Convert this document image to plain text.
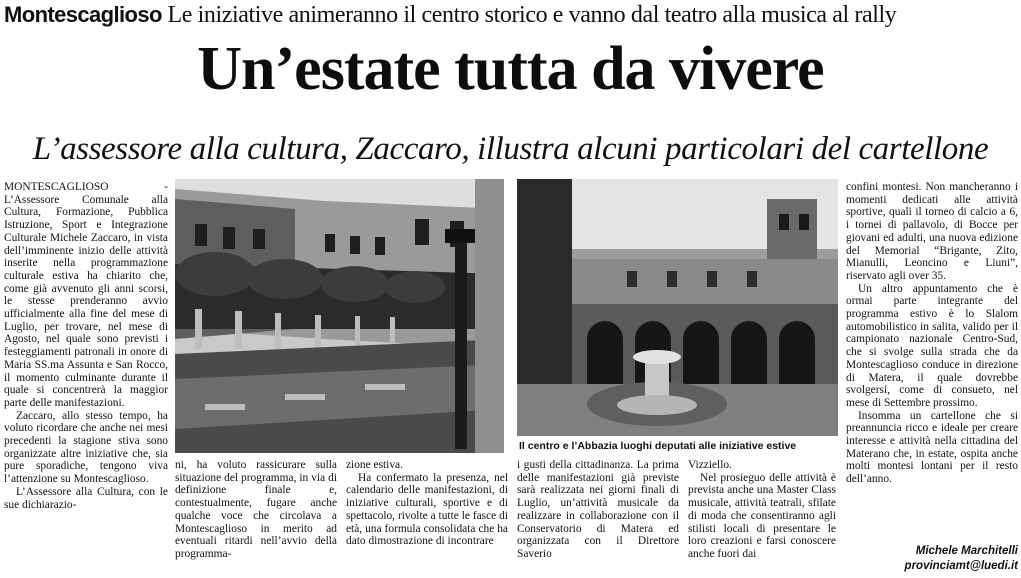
Montescaglioso Le iniziative animeranno il centro storico e vanno dal teatro alla musica al rally
Un’estate tutta da vivere
L’assessore alla cultura, Zaccaro, illustra alcuni particolari del cartellone

MONTESCAGLIOSO - L’Assessore Comunale alla Cultura, Formazione, Pubblica Istruzione, Sport e Integrazione Culturale Michele Zaccaro, in vista dell’imminente inizio delle attività inserite nella programmazione culturale estiva ha chiarito che, come già avvenuto gli anni scorsi, le stesse prenderanno avvio ufficialmente alla fine del mese di Luglio, per trovare, nel mese di Agosto, nel quale sono previsti i festeggiamenti patronali in onore di Maria SS.ma Assunta e San Rocco, il momento culminante durante il quale si concentrerà la maggior parte delle manifestazioni.

Zaccaro, allo stesso tempo, ha voluto ricordare che anche nei mesi precedenti la stagione stiva sono organizzate altre iniziative che, sia pure sporadiche, tengono viva l’attenzione su Montescaglioso.

L’Assessore alla Cultura, con le sue dichiarazio-

Il centro e l’Abbazia luoghi deputati alle iniziative estive

ni, ha voluto rassicurare sulla situazione del programma, in via di definizione finale e, contestualmente, fugare anche qualche voce che circolava a Montescaglioso in merito ad eventuali ritardi nell’avvio della programma-

zione estiva.

Ha confermato la presenza, nel calendario delle manifestazioni, di iniziative culturali, sportive e di spettacolo, rivolte a tutte le fasce di età, una formula consolidata che ha dato dimostrazione di incontrare

i gusti della cittadinanza. La prima delle manifestazioni già previste sarà realizzata nei giorni finali di Luglio, un’attività musicale da realizzare in collaborazione con il Conservatorio di Matera ed organizzata con il Direttore Saverio

Vizziello.

Nel prosieguo delle attività è prevista anche una Master Class musicale, attività teatrali, sfilate di moda che consentiranno agli stilisti locali di presentare le loro creazioni e farsi conoscere anche fuori dai

confini montesi. Non mancheranno i momenti dedicati alle attività sportive, quali il torneo di calcio a 6, i tornei di pallavolo, di Bocce per giovani ed adulti, una nuova edizione del Memorial “Brigante, Zito, Mianulli, Leoncino e Liuni”, riservato agli over 35.

Un altro appuntamento che è ormai parte integrante del programma estivo è lo Slalom automobilistico in salita, valido per il campionato nazionale Centro-Sud, che si svolge sulla strada che da Montescaglioso conduce in direzione di Matera, il quale dovrebbe svolgersi, come di consueto, nel mese di Settembre prossimo.

Insomma un cartellone che si preannuncia ricco e ideale per creare interesse e attività nella cittadina del Materano che, in estate, ospita anche molti montesi lontani per il resto dell’anno.

Michele Marchitelli
provinciamt@luedi.it
